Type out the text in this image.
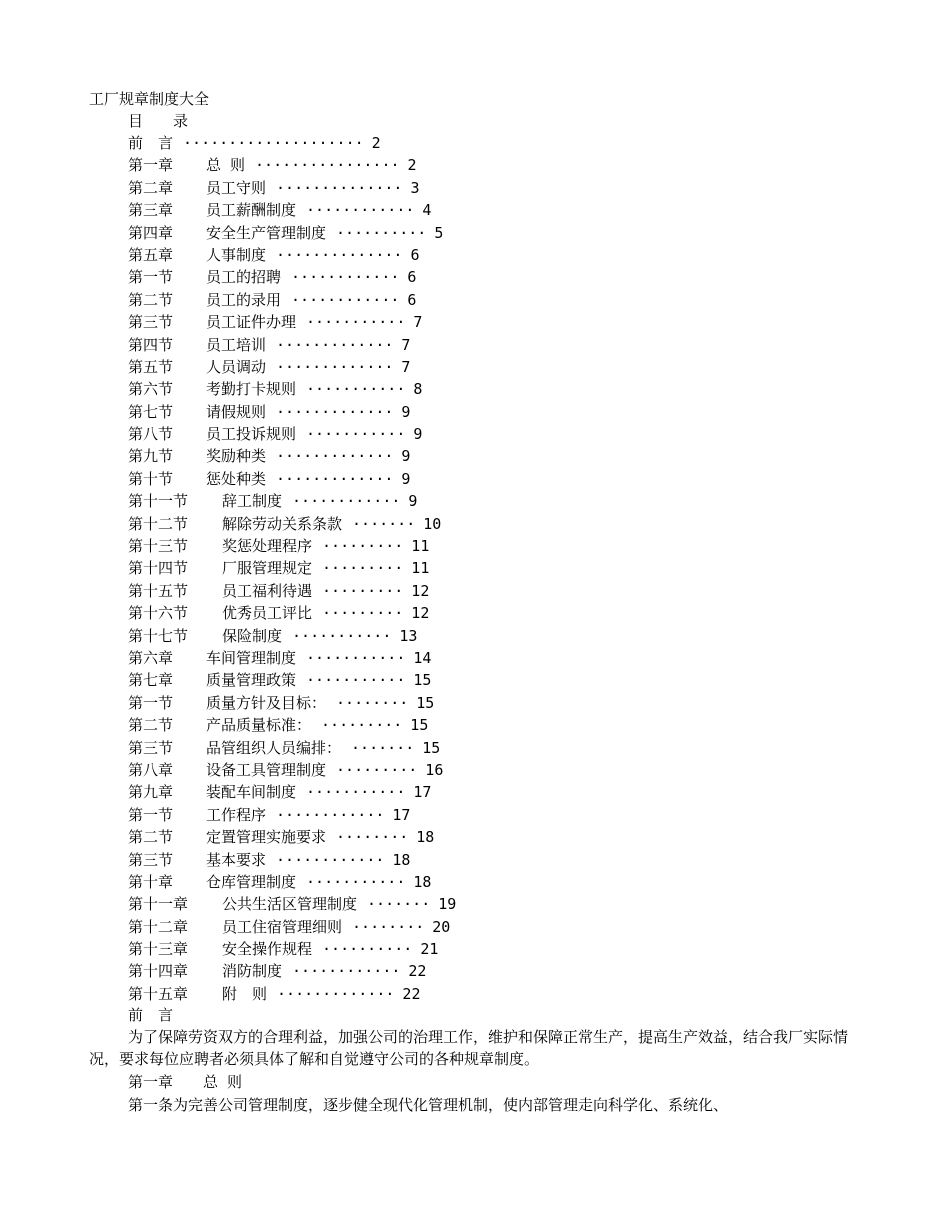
工厂规章制度大全
目　　录
前　言 ···················· 2
第一章 总 则 ················ 2
第二章 员工守则 ·············· 3
第三章 员工薪酬制度 ············ 4
第四章 安全生产管理制度 ·········· 5
第五章 人事制度 ·············· 6
第一节 员工的招聘 ············ 6
第二节 员工的录用 ············ 6
第三节 员工证件办理 ··········· 7
第四节 员工培训 ············· 7
第五节 人员调动 ············· 7
第六节 考勤打卡规则 ··········· 8
第七节 请假规则 ············· 9
第八节 员工投诉规则 ··········· 9
第九节 奖励种类 ············· 9
第十节 惩处种类 ············· 9
第十一节 辞工制度 ············ 9
第十二节 解除劳动关系条款 ······· 10
第十三节 奖惩处理程序 ········· 11
第十四节 厂服管理规定 ········· 11
第十五节 员工福利待遇 ········· 12
第十六节 优秀员工评比 ········· 12
第十七节 保险制度 ··········· 13
第六章 车间管理制度 ··········· 14
第七章 质量管理政策 ··········· 15
第一节 质量方针及目标： ········ 15
第二节 产品质量标准： ········· 15
第三节 品管组织人员编排： ······· 15
第八章 设备工具管理制度 ········· 16
第九章 装配车间制度 ··········· 17
第一节 工作程序 ············ 17
第二节 定置管理实施要求 ········ 18
第三节 基本要求 ············ 18
第十章 仓库管理制度 ··········· 18
第十一章 公共生活区管理制度 ······· 19
第十二章 员工住宿管理细则 ········ 20
第十三章 安全操作规程 ·········· 21
第十四章 消防制度 ············ 22
第十五章 附　则 ············· 22
前　言
为了保障劳资双方的合理利益，加强公司的治理工作，维护和保障正常生产，提高生产效益，结合我厂实际情况，要求每位应聘者必须具体了解和自觉遵守公司的各种规章制度。
第一章　　总 则
第一条为完善公司管理制度，逐步健全现代化管理机制，使内部管理走向科学化、系统化、
